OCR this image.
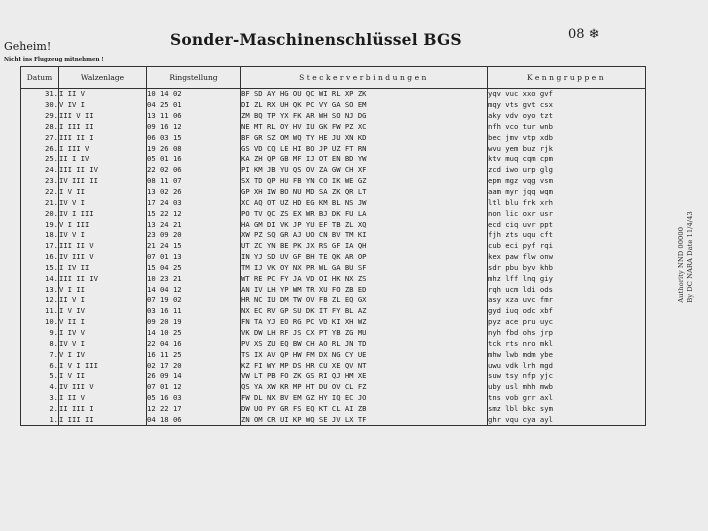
Geheim!
Nicht ins Flugzeug mitnehmen !
Sonder-Maschinenschlüssel BGS	08 ❄
Authority NND 00000 By DC NARA Date 11/4/43
Datum	Walzenlage	Ringstellung	Steckerverbindungen	Kenngruppen
31.	I II V	10 14 02	BF SD AY HG OU QC WI RL XP ZK	yqv vuc xxo gvf
30.	V IV I	04 25 01	DI ZL RX UH QK PC VY GA SO EM	mqy vts gvt csx
29.	III V II	13 11 06	ZM BQ TP YX FK AR WH SO NJ DG	aky vdv oyo tzt
28.	I III II	09 16 12	NE MT RL OY HV IU GK FW PZ XC	nfh vco tur wnb
27.	III II I	06 03 15	BF GR SZ OM WQ TY HE JU XN KD	bec jmv vtp xdb
26.	I III V	19 26 08	GS VD CQ LE HI BO JP UZ FT RN	wvu yem buz rjk
25.	II I IV	05 01 16	KA ZH QP GB MF IJ OT EN BD YW	ktv muq cqm cpm
24.	III II IV	22 02 06	PI KM JB YU QS OV ZA GW CH XF	zcd iwo urp glg
23.	IV III II	08 11 07	SX TD QP HU FB YN CO IK WE GZ	epm mgz vqg vsm
22.	I V II	13 02 26	GP XH IW BO NU MD SA ZK QR LT	aam myr jqq wqm
21.	IV V I	17 24 03	XC AQ OT UZ HD EG KM BL NS JW	ltl blu frk xrh
20.	IV I III	15 22 12	PO TV QC ZS EX WR BJ DK FU LA	non lic oxr usr
19.	V I III	13 24 21	HA GM DI VK JP YU EF TB ZL XQ	ecd ciq uvr ppt
18.	IV V I	23 09 20	XW PZ SQ GR AJ UO CN BV TM KI	fjh zts uqu cft
17.	III II V	21 24 15	UT ZC YN BE PK JX RS GF IA QH	cub eci pyf rqi
16.	IV III V	07 01 13	IN YJ SD UV GF BH TE QK AR OP	kex paw flw onw
15.	I IV II	15 04 25	TM IJ VK OY NX PR WL GA BU SF	sdr pbu byv khb
14.	III II IV	10 23 21	WT RE PC FY JA VD OI HK NX ZS	mhz lff lnq giy
13.	V I II	14 04 12	AN IV LH YP WM TR XU FO ZB ED	rqh ucm ldi ods
12.	II V I	07 19 02	HR NC IU DM TW OV FB ZL EQ GX	asy xza uvc fmr
11.	I V IV	03 16 11	NX EC RV GP SU DK IT FY BL AZ	gyd iuq odc xbf
10.	V II I	09 20 19	FN TA YJ EO RG PC VD KI XH WZ	pyz ace pru uyc
9.	I IV V	14 10 25	VK DW LH RF JS CX PT YB ZG MU	nyh fbd ohs jrp
8.	IV V I	22 04 16	PV XS ZU EQ BW CH AO RL JN TD	tck rts nro mkl
7.	V I IV	16 11 25	TS IX AV QP HW FM DX NG CY UE	mhw lwb mdm ybe
6.	I V I III	02 17 20	KZ FI WY MP DS HR CU XE QV NT	uwu vdk lrh mgd
5.	I V II	26 09 14	VW LT PB FO ZK GS RI QJ HM XE	suw tsy nfp yjc
4.	IV III V	07 01 12	QS YA XW KR MP HT DU OV CL FZ	uby usl mhh mwb
3.	I II V	05 16 03	FW DL NX BV EM GZ HY IQ EC JO	tns vob grr axl
2.	II III I	12 22 17	DW UO PY GR FS EQ KT CL AI ZB	smz lbl bkc sym
1.	I III II	04 18 06	ZN OM CR UI KP WQ SE JV LX TF	ghr vqu cya ayl
